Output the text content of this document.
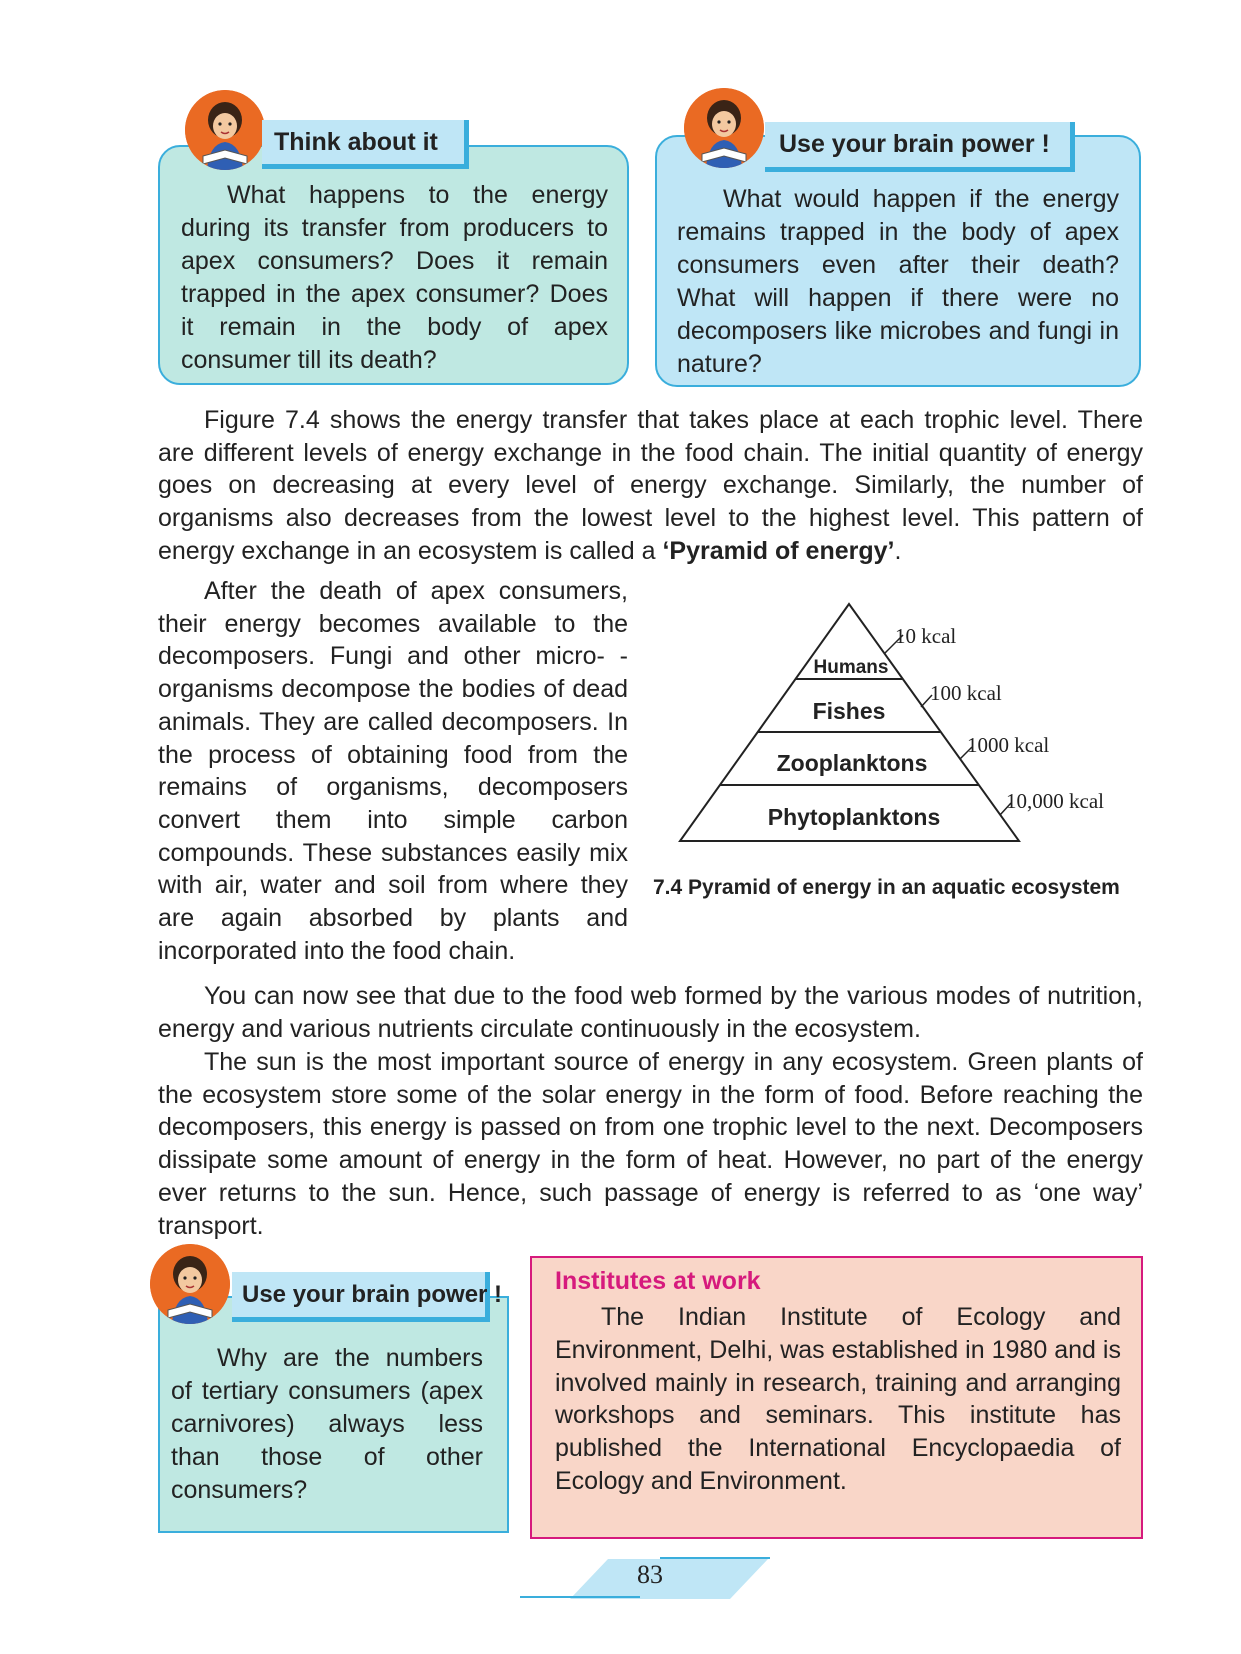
Think about it

What happens to the energy during its transfer from producers to apex consumers? Does it remain trapped in the apex consumer? Does it remain in the body of apex consumer till its death?

Use your brain power !

What would happen if the energy remains trapped in the body of apex consumers even after their death? What will happen if there were no decomposers like microbes and fungi in nature?

Figure 7.4 shows the energy transfer that takes place at each trophic level. There are different levels of energy exchange in the food chain. The initial quantity of energy goes on decreasing at every level of energy exchange. Similarly, the number of organisms also decreases from the lowest level to the highest level. This pattern of energy exchange in an ecosystem is called a ‘Pyramid of energy’.

After the death of apex consumers, their energy becomes available to the decomposers. Fungi and other micro- -organisms decompose the bodies of dead animals. They are called decomposers. In the process of obtaining food from the remains of organisms, decomposers convert them into simple carbon compounds. These substances easily mix with air, water and soil from where they are again absorbed by plants and incorporated into the food chain.

Humans
Fishes
Zooplanktons
Phytoplanktons
10 kcal
100 kcal
1000 kcal
10,000 kcal
7.4 Pyramid of energy in an aquatic ecosystem

You can now see that due to the food web formed by the various modes of nutrition, energy and various nutrients circulate continuously in the ecosystem.

The sun is the most important source of energy in any ecosystem. Green plants of the ecosystem store some of the solar energy in the form of food. Before reaching the decomposers, this energy is passed on from one trophic level to the next. Decomposers dissipate some amount of energy in the form of heat. However, no part of the energy ever returns to the sun. Hence, such passage of energy is referred to as ‘one way’ transport.

Use your brain power !

Why are the numbers of tertiary consumers (apex carnivores) always less than those of other consumers?

Institutes at work

The Indian Institute of Ecology and Environment, Delhi, was established in 1980 and is involved mainly in research, training and arranging workshops and seminars. This institute has published the International Encyclopaedia of Ecology and Environment.

83
